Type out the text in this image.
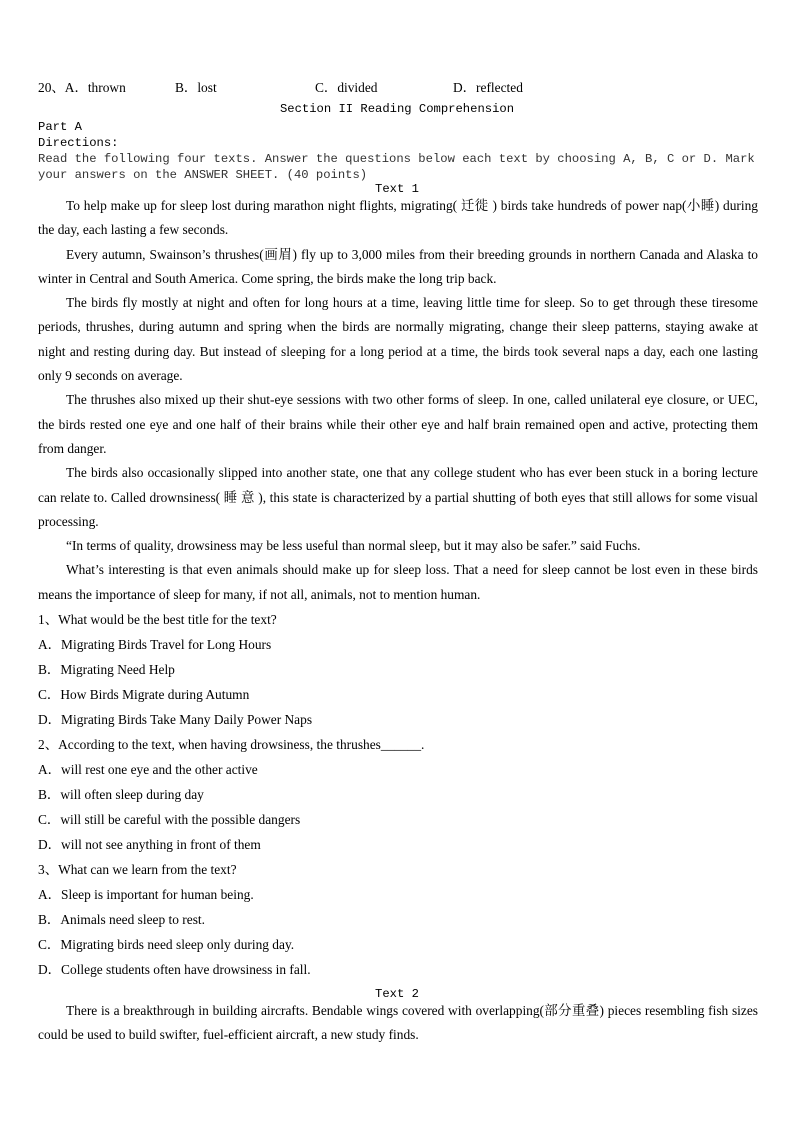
20、A．thrown	B．lost	C．divided	D．reflected
Section II Reading Comprehension
Part A
Directions:
Read the following four texts. Answer the questions below each text by choosing A, B, C or D. Mark
your answers on the ANSWER SHEET. (40 points)
Text 1

To help make up for sleep lost during marathon night flights, migrating( 迁徙 ) birds take hundreds of power nap(小睡) during the day, each lasting a few seconds.

Every autumn, Swainson’s thrushes(画眉) fly up to 3,000 miles from their breeding grounds in northern Canada and Alaska to winter in Central and South America. Come spring, the birds make the long trip back.

The birds fly mostly at night and often for long hours at a time, leaving little time for sleep. So to get through these tiresome periods, thrushes, during autumn and spring when the birds are normally migrating, change their sleep patterns, staying awake at night and resting during day. But instead of sleeping for a long period at a time, the birds took several naps a day, each one lasting only 9 seconds on average.

The thrushes also mixed up their shut-eye sessions with two other forms of sleep. In one, called unilateral eye closure, or UEC, the birds rested one eye and one half of their brains while their other eye and half brain remained open and active, protecting them from danger.

The birds also occasionally slipped into another state, one that any college student who has ever been stuck in a boring lecture can relate to. Called drownsiness( 睡 意 ), this state is characterized by a partial shutting of both eyes that still allows for some visual processing.

“In terms of quality, drowsiness may be less useful than normal sleep, but it may also be safer.” said Fuchs.

What’s interesting is that even animals should make up for sleep loss. That a need for sleep cannot be lost even in these birds means the importance of sleep for many, if not all, animals, not to mention human.

1、What would be the best title for the text?

A．Migrating Birds Travel for Long Hours

B．Migrating Need Help

C．How Birds Migrate during Autumn

D．Migrating Birds Take Many Daily Power Naps

2、According to the text, when having drowsiness, the thrushes______.

A．will rest one eye and the other active

B．will often sleep during day

C．will still be careful with the possible dangers

D．will not see anything in front of them

3、What can we learn from the text?

A．Sleep is important for human being.

B．Animals need sleep to rest.

C．Migrating birds need sleep only during day.

D．College students often have drowsiness in fall.

Text 2

There is a breakthrough in building aircrafts. Bendable wings covered with overlapping(部分重叠) pieces resembling fish sizes could be used to build swifter, fuel-efficient aircraft, a new study finds.
